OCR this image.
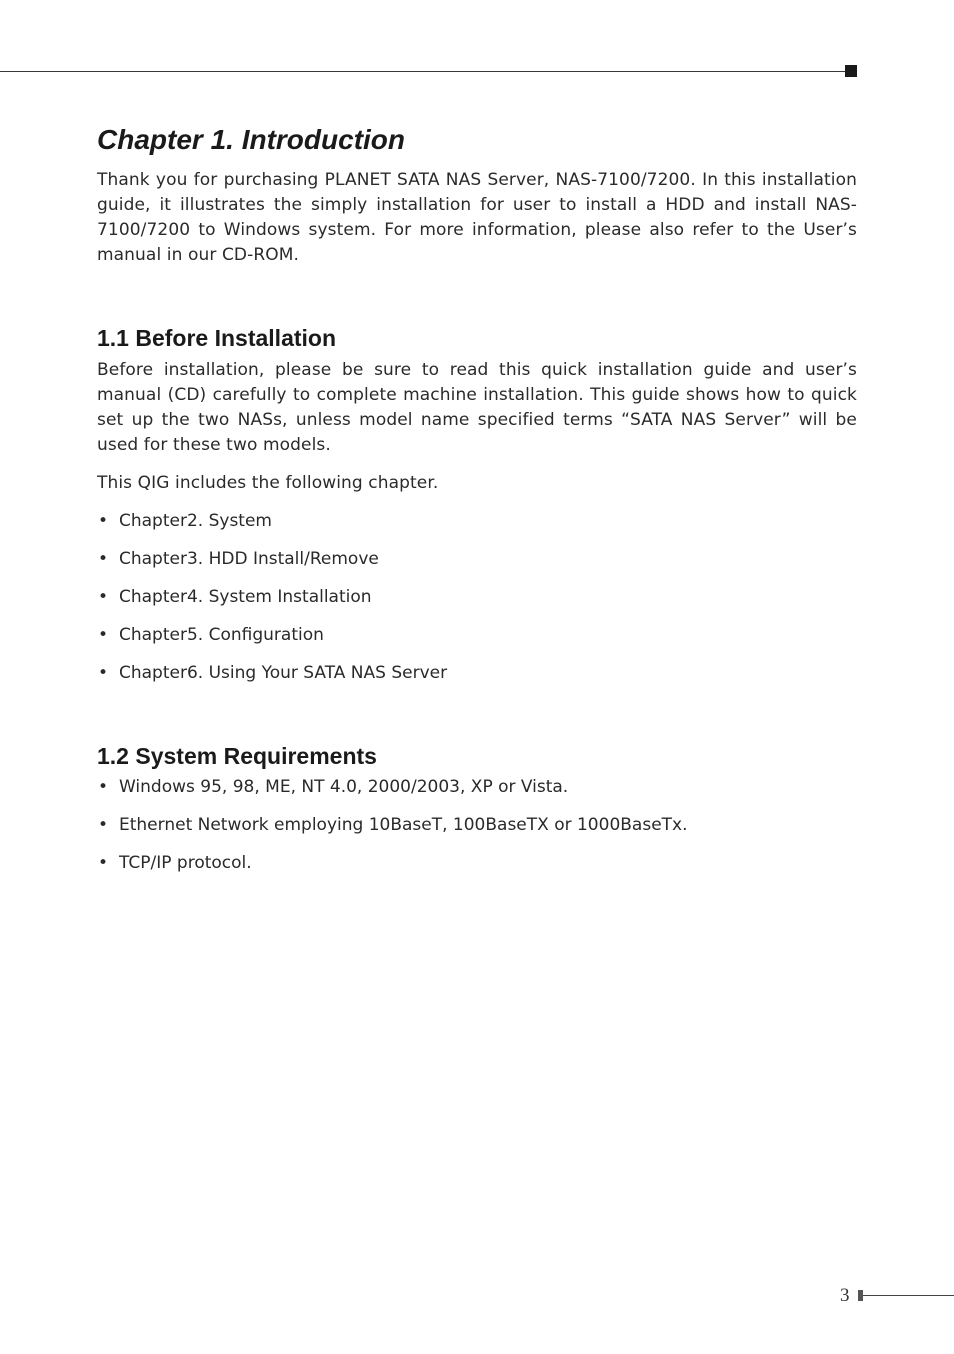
Chapter 1. Introduction

Thank you for purchasing PLANET SATA NAS Server, NAS-7100/7200. In this installation guide, it illustrates the simply installation for user to install a HDD and install NAS-7100/7200 to Windows system. For more information, please also refer to the User’s manual in our CD-ROM.

1.1 Before Installation

Before installation, please be sure to read this quick installation guide and user’s manual (CD) carefully to complete machine installation. This guide shows how to quick set up the two NASs, unless model name specified terms “SATA NAS Server” will be used for these two models.

This QIG includes the following chapter.

• Chapter2. System
• Chapter3. HDD Install/Remove
• Chapter4. System Installation
• Chapter5. Configuration
• Chapter6. Using Your SATA NAS Server
1.2 System Requirements
• Windows 95, 98, ME, NT 4.0, 2000/2003, XP or Vista.
• Ethernet Network employing 10BaseT, 100BaseTX or 1000BaseTx.
• TCP/IP protocol.
3
